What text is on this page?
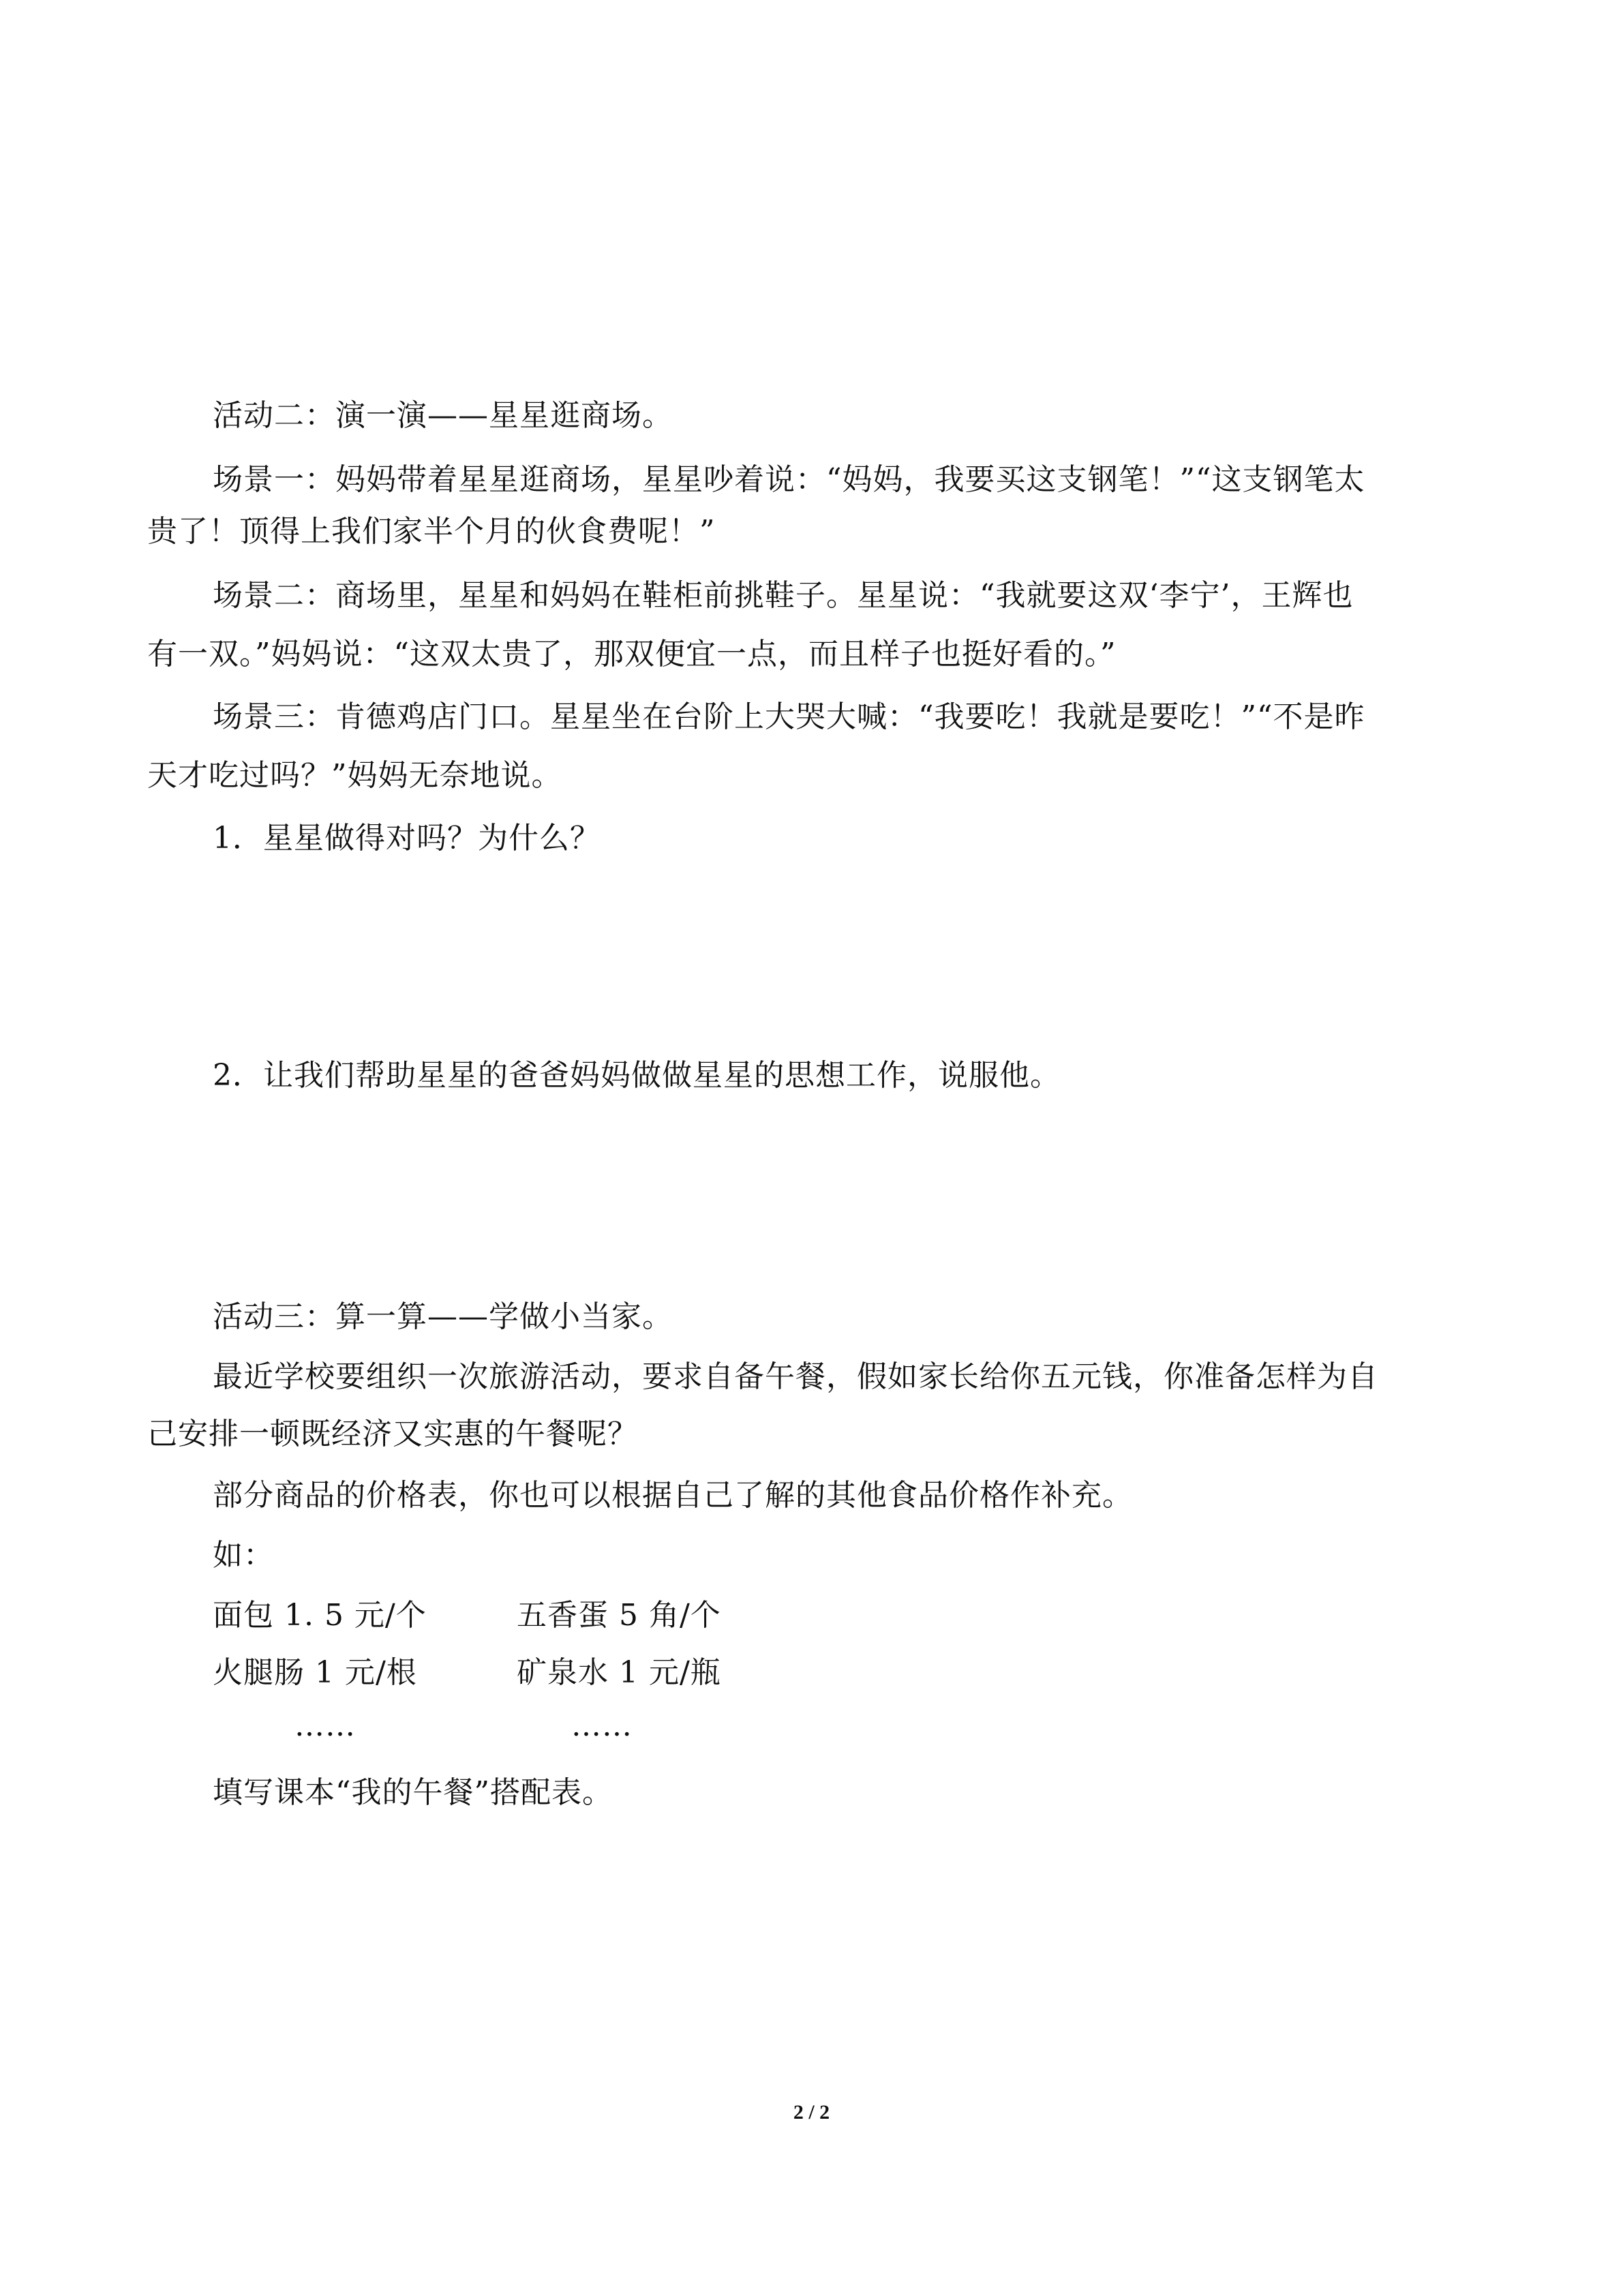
活动二：演一演——星星逛商场。
场景一：妈妈带着星星逛商场，星星吵着说：“妈妈，我要买这支钢笔！”“这支钢笔太
贵了！顶得上我们家半个月的伙食费呢！”
场景二：商场里，星星和妈妈在鞋柜前挑鞋子。星星说：“我就要这双‘李宁’，王辉也
有一双。”妈妈说：“这双太贵了，那双便宜一点，而且样子也挺好看的。”
场景三：肯德鸡店门口。星星坐在台阶上大哭大喊：“我要吃！我就是要吃！”“不是昨
天才吃过吗？”妈妈无奈地说。
1．星星做得对吗？为什么？
2．让我们帮助星星的爸爸妈妈做做星星的思想工作，说服他。
活动三：算一算——学做小当家。
最近学校要组织一次旅游活动，要求自备午餐，假如家长给你五元钱，你准备怎样为自
己安排一顿既经济又实惠的午餐呢？
部分商品的价格表，你也可以根据自己了解的其他食品价格作补充。
如：
面包 1. 5 元/个	五香蛋 5 角/个
火腿肠 1 元/根	矿泉水 1 元/瓶
……	……
填写课本“我的午餐”搭配表。
2 / 2
